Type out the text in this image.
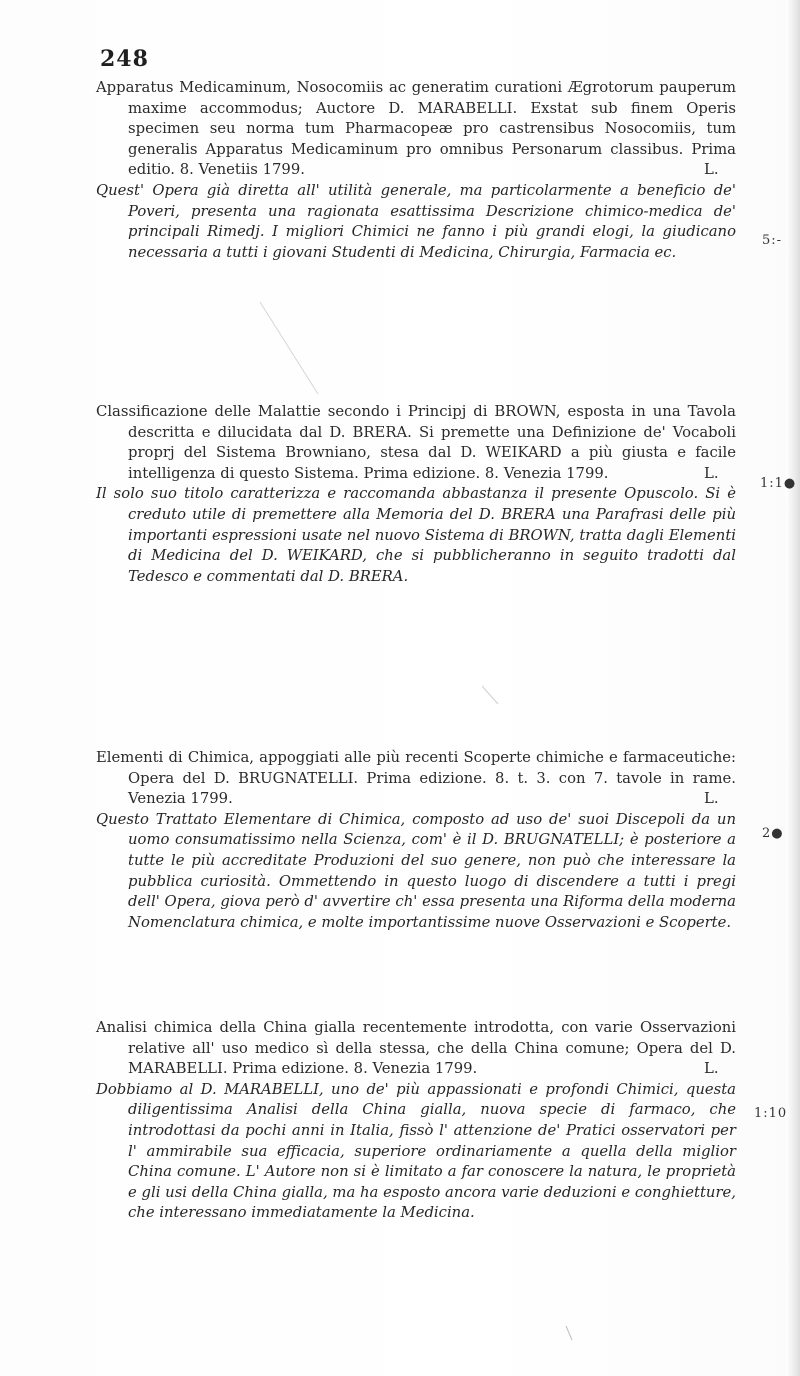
248

Apparatus Medicaminum, Nosocomiis ac generatim curationi Ægrotorum pauperum maxime accommodus; Auctore D. MARABELLI. Exstat sub finem Operis specimen seu norma tum Pharmacopeæ pro castrensibus Nosocomiis, tum generalis Apparatus Medicaminum pro omnibus Personarum classibus. Prima editio. 8. Venetiis 1799.	L.

Quest' Opera già diretta all' utilità generale, ma particolarmente a beneficio de' Poveri, presenta una ragionata esattissima Descrizione chimico-medica de' principali Rimedj. I migliori Chimici ne fanno i più grandi elogi, la giudicano necessaria a tutti i giovani Studenti di Medicina, Chirurgia, Farmacia ec.

Classificazione delle Malattie secondo i Principj di BROWN, esposta in una Tavola descritta e dilucidata dal D. BRERA. Si premette una Definizione de' Vocaboli proprj del Sistema Browniano, stesa dal D. WEIKARD a più giusta e facile intelligenza di questo Sistema. Prima edizione. 8. Venezia 1799.	L.

Il solo suo titolo caratterizza e raccomanda abbastanza il presente Opuscolo. Si è creduto utile di premettere alla Memoria del D. BRERA una Parafrasi delle più importanti espressioni usate nel nuovo Sistema di BROWN, tratta dagli Elementi di Medicina del D. WEIKARD, che si pubblicheranno in seguito tradotti dal Tedesco e commentati dal D. BRERA.

Elementi di Chimica, appoggiati alle più recenti Scoperte chimiche e farmaceutiche: Opera del D. BRUGNATELLI. Prima edizione. 8. t. 3. con 7. tavole in rame. Venezia 1799.	L.

Questo Trattato Elementare di Chimica, composto ad uso de' suoi Discepoli da un uomo consumatissimo nella Scienza, com' è il D. BRUGNATELLI; è posteriore a tutte le più accreditate Produzioni del suo genere, non può che interessare la pubblica curiosità. Ommettendo in questo luogo di discendere a tutti i pregi dell' Opera, giova però d' avvertire ch' essa presenta una Riforma della moderna Nomenclatura chimica, e molte importantissime nuove Osservazioni e Scoperte.

Analisi chimica della China gialla recentemente introdotta, con varie Osservazioni relative all' uso medico sì della stessa, che della China comune; Opera del D. MARABELLI. Prima edizione. 8. Venezia 1799.	L.

Dobbiamo al D. MARABELLI, uno de' più appassionati e profondi Chimici, questa diligentissima Analisi della China gialla, nuova specie di farmaco, che introdottasi da pochi anni in Italia, fissò l' attenzione de' Pratici osservatori per l' ammirabile sua efficacia, superiore ordinariamente a quella della miglior China comune. L' Autore non si è limitato a far conoscere la natura, le proprietà e gli usi della China gialla, ma ha esposto ancora varie deduzioni e conghietture, che interessano immediatamente la Medicina.

5:-
1:1●
2●
1:10
